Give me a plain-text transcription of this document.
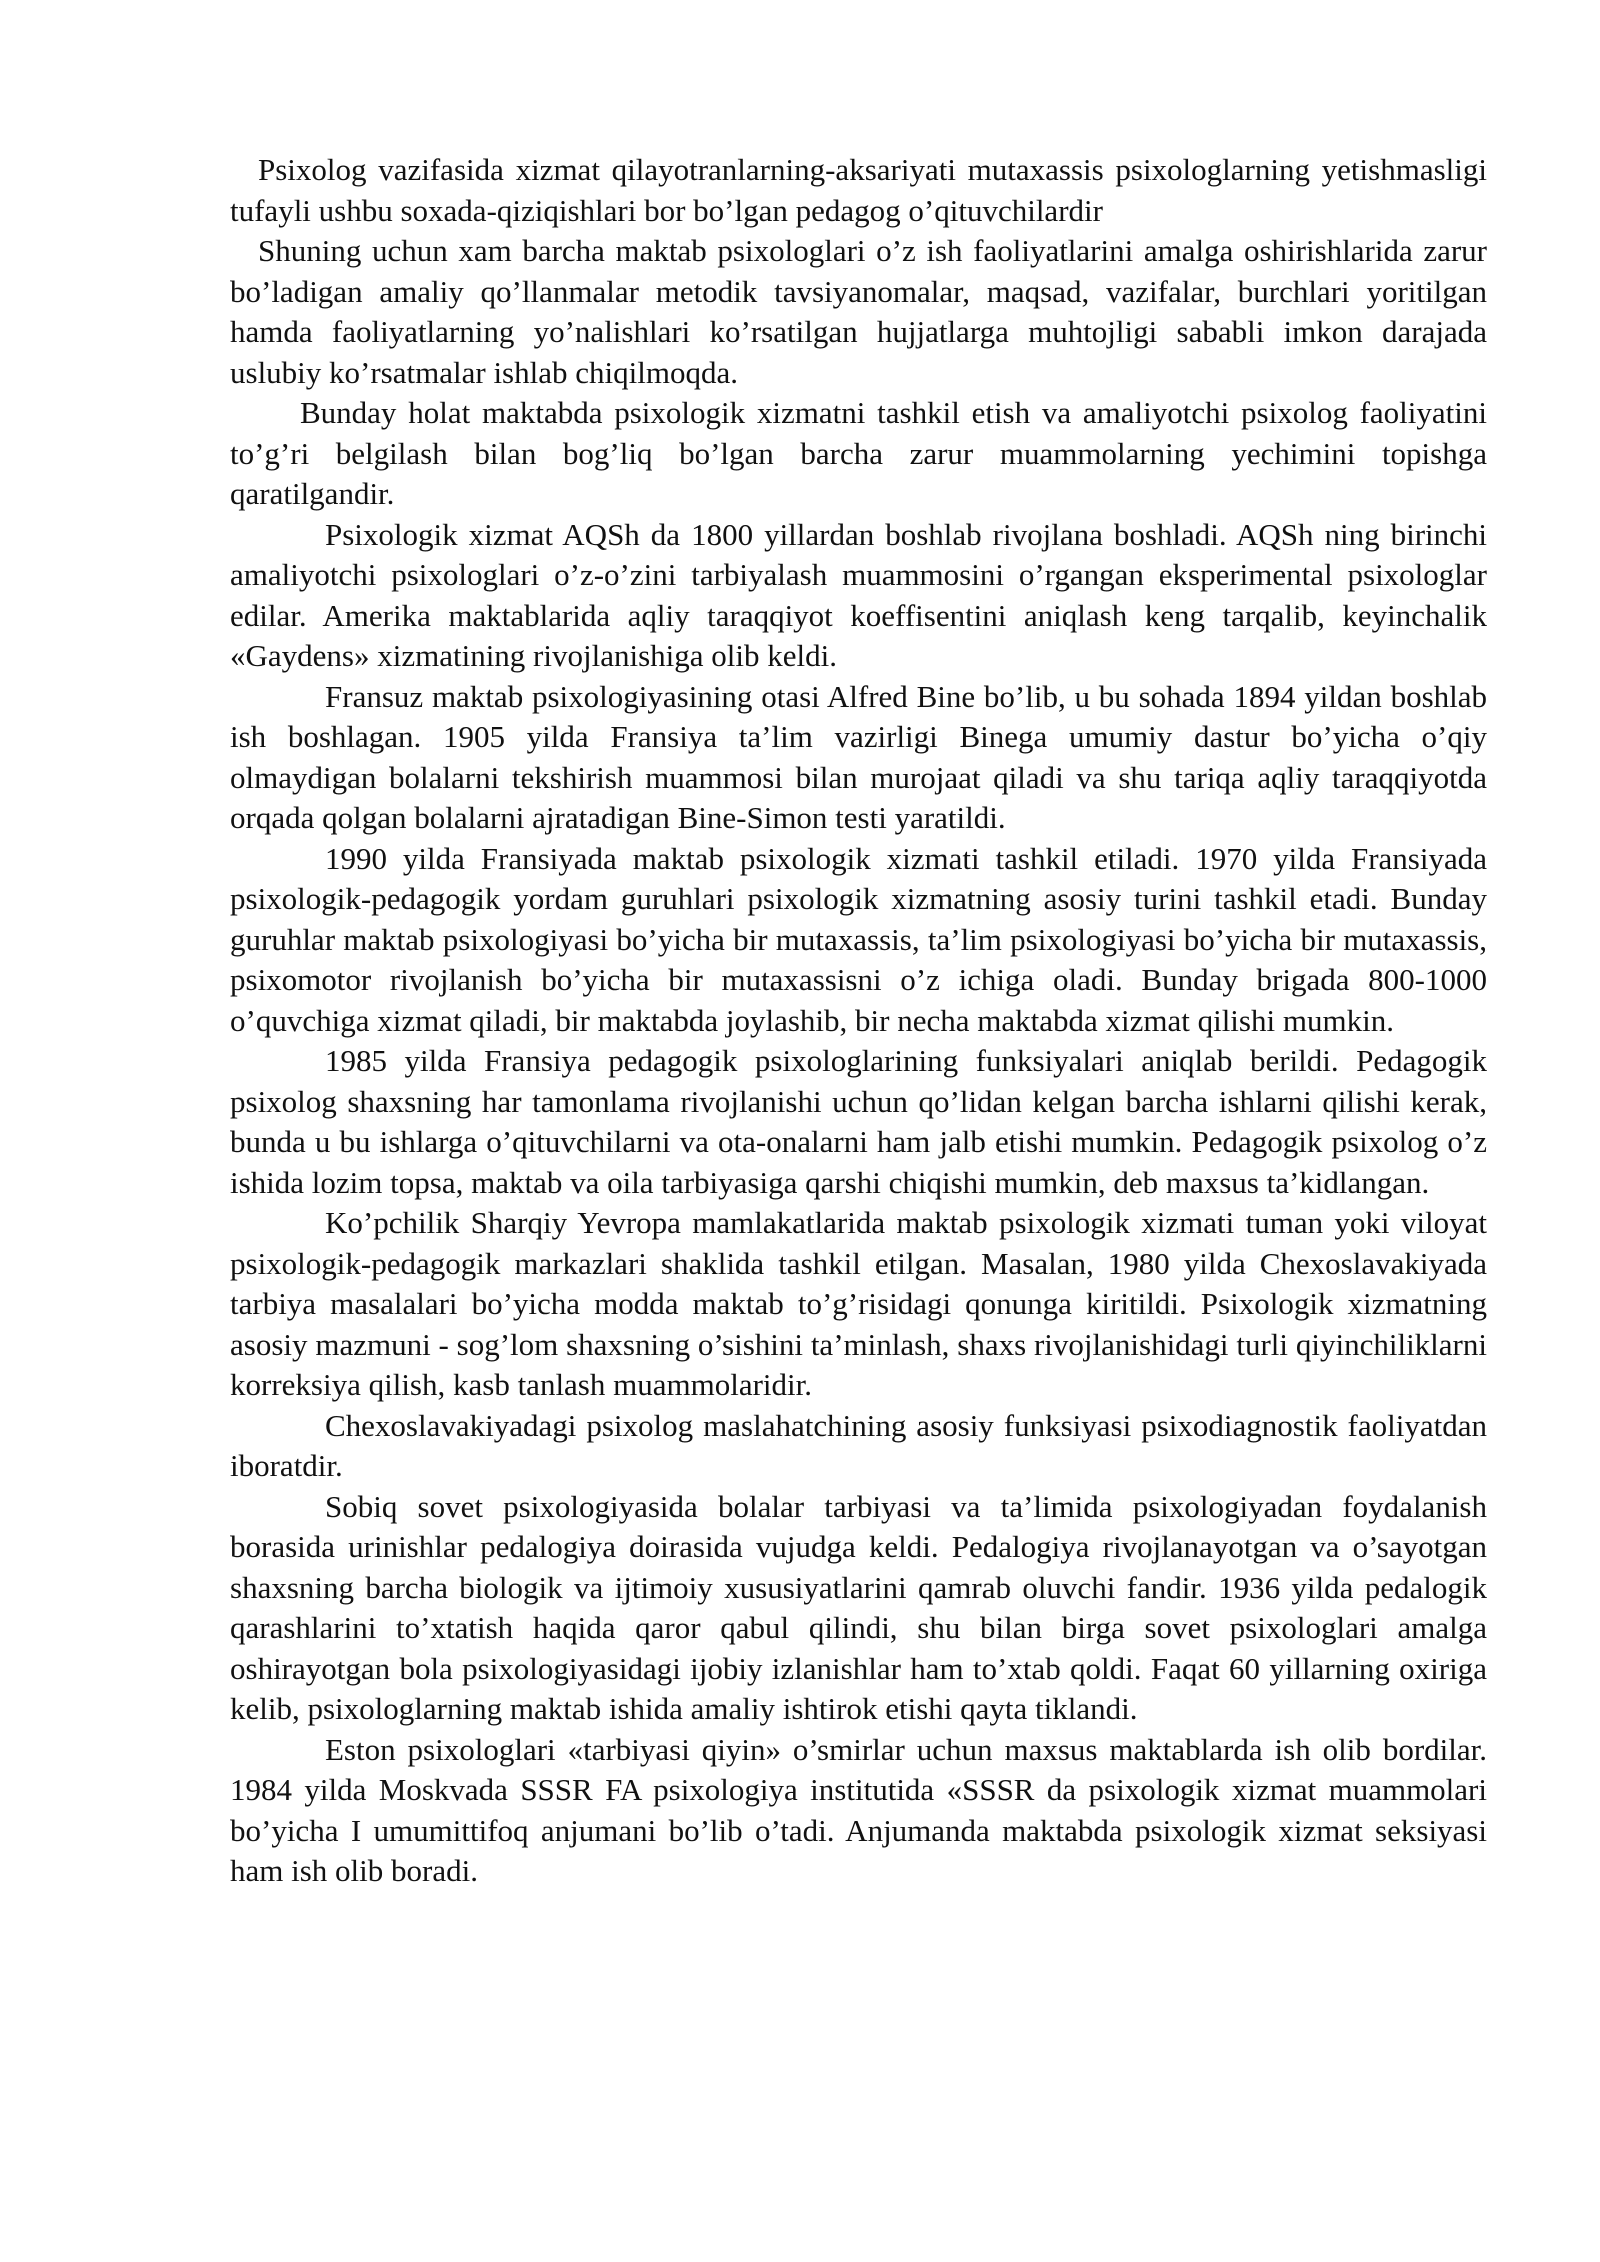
Psixolog vazifasida xizmat qilayotranlarning-aksariyati mutaxassis psixologlarning yetishmasligi tufayli ushbu soxada-qiziqishlari bor bo’lgan pedagog o’qituvchilardir

Shuning uchun xam barcha maktab psixologlari o’z ish faoliyatlarini amalga oshirishlarida zarur bo’ladigan amaliy qo’llanmalar metodik tavsiyanomalar, maqsad, vazifalar, burchlari yoritilgan hamda faoliyatlarning yo’nalishlari ko’rsatilgan hujjatlarga muhtojligi sababli imkon darajada uslubiy ko’rsatmalar ishlab chiqilmoqda.

Bunday holat maktabda psixologik xizmatni tashkil etish va amaliyotchi psixolog faoliyatini to’g’ri belgilash bilan bog’liq bo’lgan barcha zarur muammolarning yechimini topishga qaratilgandir.

Psixologik xizmat AQSh da 1800 yillardan boshlab rivojlana boshladi. AQSh ning birinchi amaliyotchi psixologlari o’z-o’zini tarbiyalash muammosini o’rgangan eksperimental psixologlar edilar. Amerika maktablarida aqliy taraqqiyot koeffisentini aniqlash keng tarqalib, keyinchalik «Gaydens» xizmatining rivojlanishiga olib keldi.

Fransuz maktab psixologiyasining otasi Alfred Bine bo’lib, u bu sohada 1894 yildan boshlab ish boshlagan. 1905 yilda Fransiya ta’lim vazirligi Binega umumiy dastur bo’yicha o’qiy olmaydigan bolalarni tekshirish muammosi bilan murojaat qiladi va shu tariqa aqliy taraqqiyotda orqada qolgan bolalarni ajratadigan Bine-Simon testi yaratildi.

1990 yilda Fransiyada maktab psixologik xizmati tashkil etiladi. 1970 yilda Fransiyada psixologik-pedagogik yordam guruhlari psixologik xizmatning asosiy turini tashkil etadi. Bunday guruhlar maktab psixologiyasi bo’yicha bir mutaxassis, ta’lim psixologiyasi bo’yicha bir mutaxassis, psixomotor rivojlanish bo’yicha bir mutaxassisni o’z ichiga oladi. Bunday brigada 800-1000 o’quvchiga xizmat qiladi, bir maktabda joylashib, bir necha maktabda xizmat qilishi mumkin.

1985 yilda Fransiya pedagogik psixologlarining funksiyalari aniqlab berildi. Pedagogik psixolog shaxsning har tamonlama rivojlanishi uchun qo’lidan kelgan barcha ishlarni qilishi kerak, bunda u bu ishlarga o’qituvchilarni va ota-onalarni ham jalb etishi mumkin. Pedagogik psixolog o’z ishida lozim topsa, maktab va oila tarbiyasiga qarshi chiqishi mumkin, deb maxsus ta’kidlangan.

Ko’pchilik Sharqiy Yevropa mamlakatlarida maktab psixologik xizmati tuman yoki viloyat psixologik-pedagogik markazlari shaklida tashkil etilgan. Masalan, 1980 yilda Chexoslavakiyada tarbiya masalalari bo’yicha modda maktab to’g’risidagi qonunga kiritildi. Psixologik xizmatning asosiy mazmuni - sog’lom shaxsning o’sishini ta’minlash, shaxs rivojlanishidagi turli qiyinchiliklarni korreksiya qilish, kasb tanlash muammolaridir.

Chexoslavakiyadagi psixolog maslahatchining asosiy funksiyasi psixodiagnostik faoliyatdan iboratdir.

Sobiq sovet psixologiyasida bolalar tarbiyasi va ta’limida psixologiyadan foydalanish borasida urinishlar pedalogiya doirasida vujudga keldi. Pedalogiya rivojlanayotgan va o’sayotgan shaxsning barcha biologik va ijtimoiy xususiyatlarini qamrab oluvchi fandir. 1936 yilda pedalogik qarashlarini to’xtatish haqida qaror qabul qilindi, shu bilan birga sovet psixologlari amalga oshirayotgan bola psixologiyasidagi ijobiy izlanishlar ham to’xtab qoldi. Faqat 60 yillarning oxiriga kelib, psixologlarning maktab ishida amaliy ishtirok etishi qayta tiklandi.

Eston psixologlari «tarbiyasi qiyin» o’smirlar uchun maxsus maktablarda ish olib bordilar. 1984 yilda Moskvada SSSR FA psixologiya institutida «SSSR da psixologik xizmat muammolari bo’yicha I umumittifoq anjumani bo’lib o’tadi. Anjumanda maktabda psixologik xizmat seksiyasi ham ish olib boradi.
